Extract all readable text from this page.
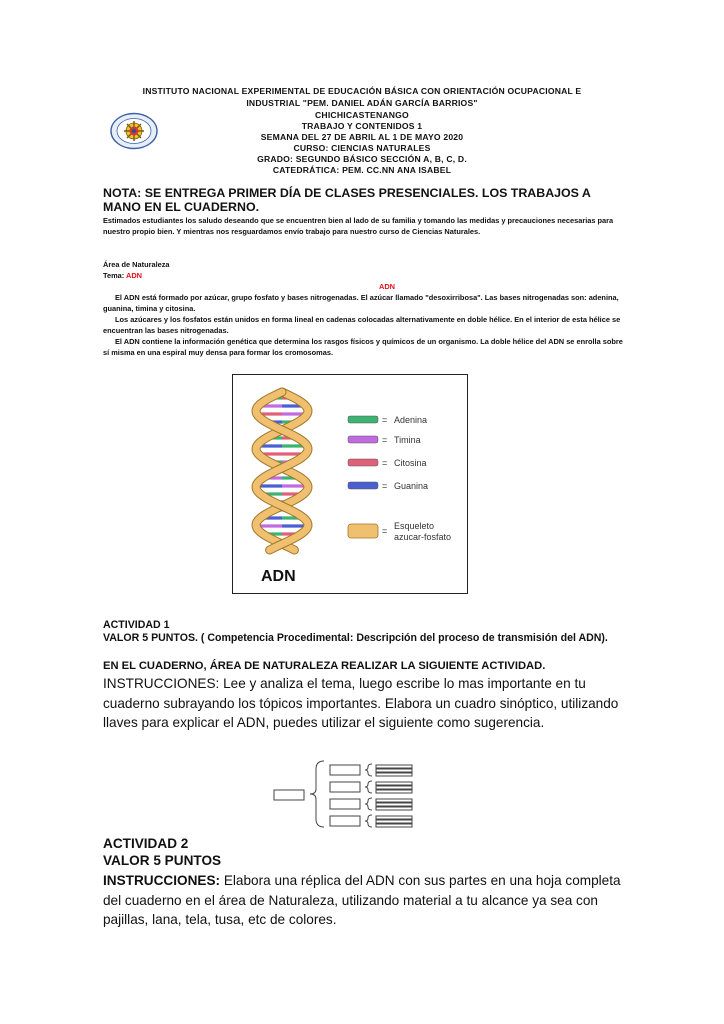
INSTITUTO NACIONAL EXPERIMENTAL DE EDUCACIÓN BÁSICA CON ORIENTACIÓN OCUPACIONAL E
INDUSTRIAL "PEM. DANIEL ADÁN GARCÍA BARRIOS"
CHICHICASTENANGO
TRABAJO Y CONTENIDOS 1
SEMANA DEL 27 DE ABRIL AL 1 DE MAYO 2020
CURSO: CIENCIAS NATURALES
GRADO: SEGUNDO BÁSICO SECCIÓN A, B, C, D.
CATEDRÁTICA: PEM. CC.NN ANA ISABEL
NOTA: SE ENTREGA PRIMER DÍA DE CLASES PRESENCIALES. LOS TRABAJOS A MANO EN EL CUADERNO.
Estimados estudiantes los saludo deseando que se encuentren bien al lado de su familia y tomando las medidas y precauciones necesarias para nuestro propio bien. Y mientras nos resguardamos envío trabajo para nuestro curso de Ciencias Naturales.
Área de Naturaleza
Tema: ADN
ADN
El ADN está formado por azúcar, grupo fosfato y bases nitrogenadas. El azúcar llamado "desoxirribosa". Las bases nitrogenadas son: adenina, guanina, timina y citosina.
Los azúcares y los fosfatos están unidos en forma lineal en cadenas colocadas alternativamente en doble hélice. En el interior de esta hélice se encuentran las bases nitrogenadas.
El ADN contiene la información genética que determina los rasgos físicos y químicos de un organismo. La doble hélice del ADN se enrolla sobre sí misma en una espiral muy densa para formar los cromosomas.
ADN
= Adenina
= Timina
= Citosina
= Guanina
= Esqueleto
azucar-fosfato
ACTIVIDAD 1
VALOR 5 PUNTOS. ( Competencia Procedimental: Descripción del proceso de transmisión del ADN).
EN EL CUADERNO, ÁREA DE NATURALEZA REALIZAR LA SIGUIENTE ACTIVIDAD.
INSTRUCCIONES: Lee y analiza el tema, luego escribe lo mas importante en tu cuaderno subrayando los tópicos importantes. Elabora un cuadro sinóptico, utilizando llaves para explicar el ADN, puedes utilizar el siguiente como sugerencia.
ACTIVIDAD 2
VALOR 5 PUNTOS
INSTRUCCIONES: Elabora una réplica del ADN con sus partes en una hoja completa del cuaderno en el área de Naturaleza, utilizando material a tu alcance ya sea con pajillas, lana, tela, tusa, etc de colores.
